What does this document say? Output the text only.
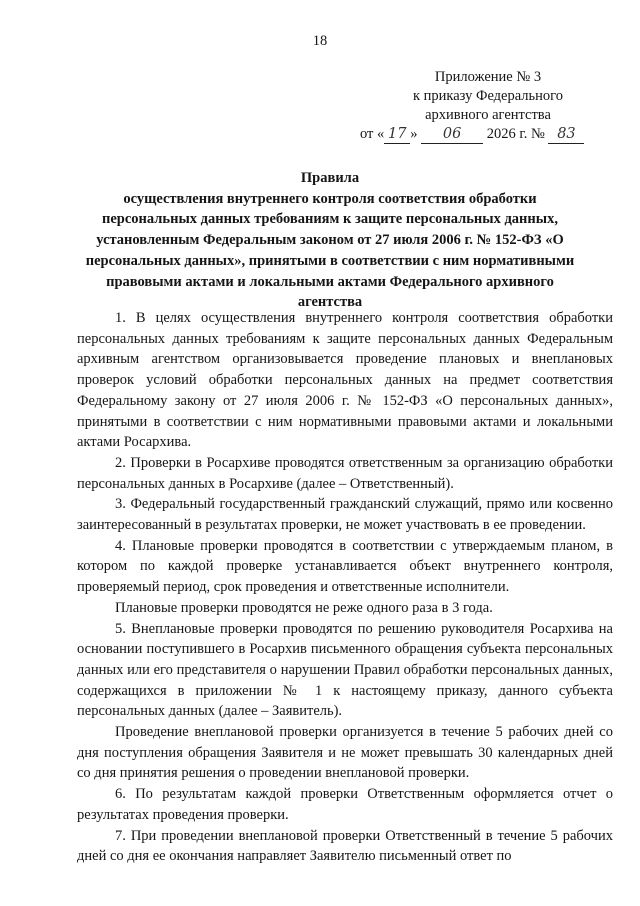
18
Приложение № 3
к приказу Федерального
архивного агентства
от « 17 » 06 2026 г. № 83
Правила
осуществления внутреннего контроля соответствия обработки персональных данных требованиям к защите персональных данных, установленным Федеральным законом от 27 июля 2006 г. № 152-ФЗ «О персональных данных», принятыми в соответствии с ним нормативными правовыми актами и локальными актами Федерального архивного агентства

1. В целях осуществления внутреннего контроля соответствия обработки персональных данных требованиям к защите персональных данных Федеральным архивным агентством организовывается проведение плановых и внеплановых проверок условий обработки персональных данных на предмет соответствия Федеральному закону от 27 июля 2006 г. № 152-ФЗ «О персональных данных», принятыми в соответствии с ним нормативными правовыми актами и локальными актами Росархива.

2. Проверки в Росархиве проводятся ответственным за организацию обработки персональных данных в Росархиве (далее – Ответственный).

3. Федеральный государственный гражданский служащий, прямо или косвенно заинтересованный в результатах проверки, не может участвовать в ее проведении.

4. Плановые проверки проводятся в соответствии с утверждаемым планом, в котором по каждой проверке устанавливается объект внутреннего контроля, проверяемый период, срок проведения и ответственные исполнители.

Плановые проверки проводятся не реже одного раза в 3 года.

5. Внеплановые проверки проводятся по решению руководителя Росархива на основании поступившего в Росархив письменного обращения субъекта персональных данных или его представителя о нарушении Правил обработки персональных данных, содержащихся в приложении № 1 к настоящему приказу, данного субъекта персональных данных (далее – Заявитель).

Проведение внеплановой проверки организуется в течение 5 рабочих дней со дня поступления обращения Заявителя и не может превышать 30 календарных дней со дня принятия решения о проведении внеплановой проверки.

6. По результатам каждой проверки Ответственным оформляется отчет о результатах проведения проверки.

7. При проведении внеплановой проверки Ответственный в течение 5 рабочих дней со дня ее окончания направляет Заявителю письменный ответ по
